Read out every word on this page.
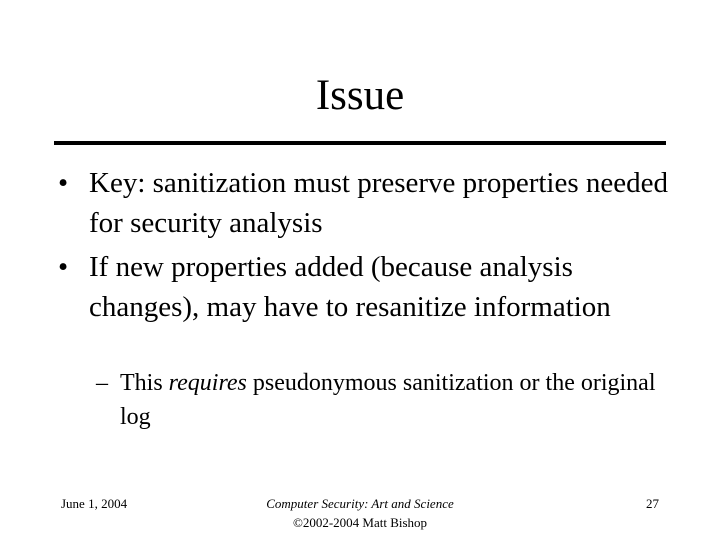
Issue
• Key: sanitization must preserve properties needed for security analysis
• If new properties added (because analysis changes), may have to resanitize information
– This requires pseudonymous sanitization or the original log
June 1, 2004	Computer Security: Art and Science
©2002-2004 Matt Bishop
27
